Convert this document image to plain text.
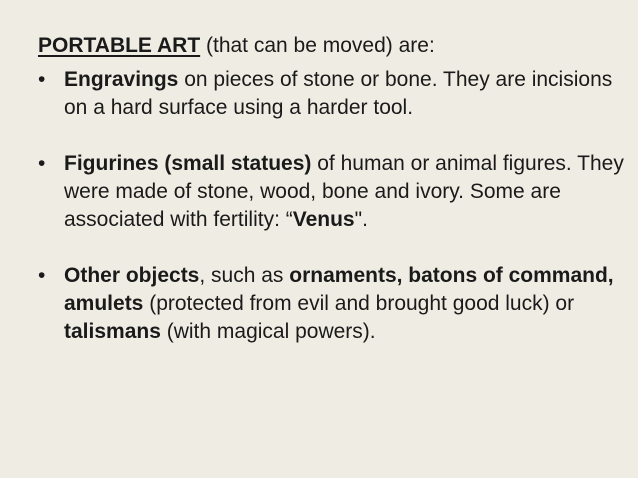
PORTABLE ART (that can be moved) are:
• Engravings on pieces of stone or bone. They are incisions on a hard surface using a harder tool.
• Figurines (small statues) of human or animal figures. They were made of stone, wood, bone and ivory. Some are associated with fertility: “Venus".
• Other objects, such as ornaments, batons of command, amulets (protected from evil and brought good luck) or talismans (with magical powers).
